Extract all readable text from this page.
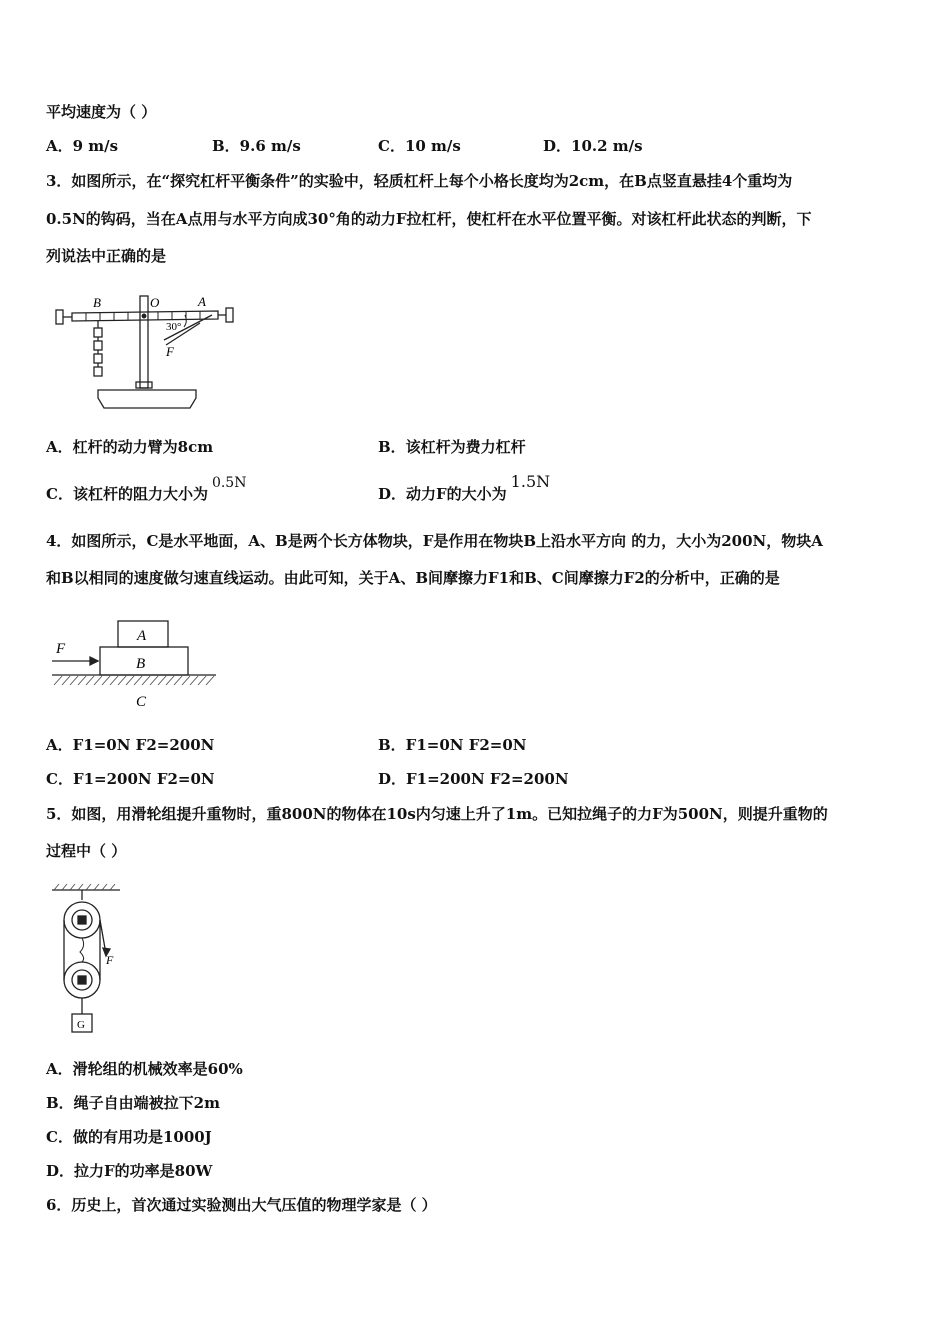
平均速度为（ ）
A．9 m/s	B．9.6 m/s	C．10 m/s	D．10.2 m/s
3．如图所示，在“探究杠杆平衡条件”的实验中，轻质杠杆上每个小格长度均为2cm，在B点竖直悬挂4个重均为
0.5N的钩码，当在A点用与水平方向成30°角的动力F拉杠杆，使杠杆在水平位置平衡。对该杠杆此状态的判断，下
列说法中正确的是
B	O	A
30°
F
A．杠杆的动力臂为8cm	B．该杠杆为费力杠杆
C．该杠杆的阻力大小为0.5N
D．动力F的大小为1.5N
4．如图所示，C是水平地面，A、B是两个长方体物块，F是作用在物块B上沿水平方向 的力，大小为200N，物块A
和B以相同的速度做匀速直线运动。由此可知，关于A、B间摩擦力F1和B、C间摩擦力F2的分析中，正确的是
A
B
C
F
A．F1=0N F2=200N	B．F1=0N F2=0N
C．F1=200N F2=0N	D．F1=200N F2=200N
5．如图，用滑轮组提升重物时，重800N的物体在10s内匀速上升了1m。已知拉绳子的力F为500N，则提升重物的
过程中（ ）
F
G
A．滑轮组的机械效率是60%
B．绳子自由端被拉下2m
C．做的有用功是1000J
D．拉力F的功率是80W
6．历史上，首次通过实验测出大气压值的物理学家是（ ）
